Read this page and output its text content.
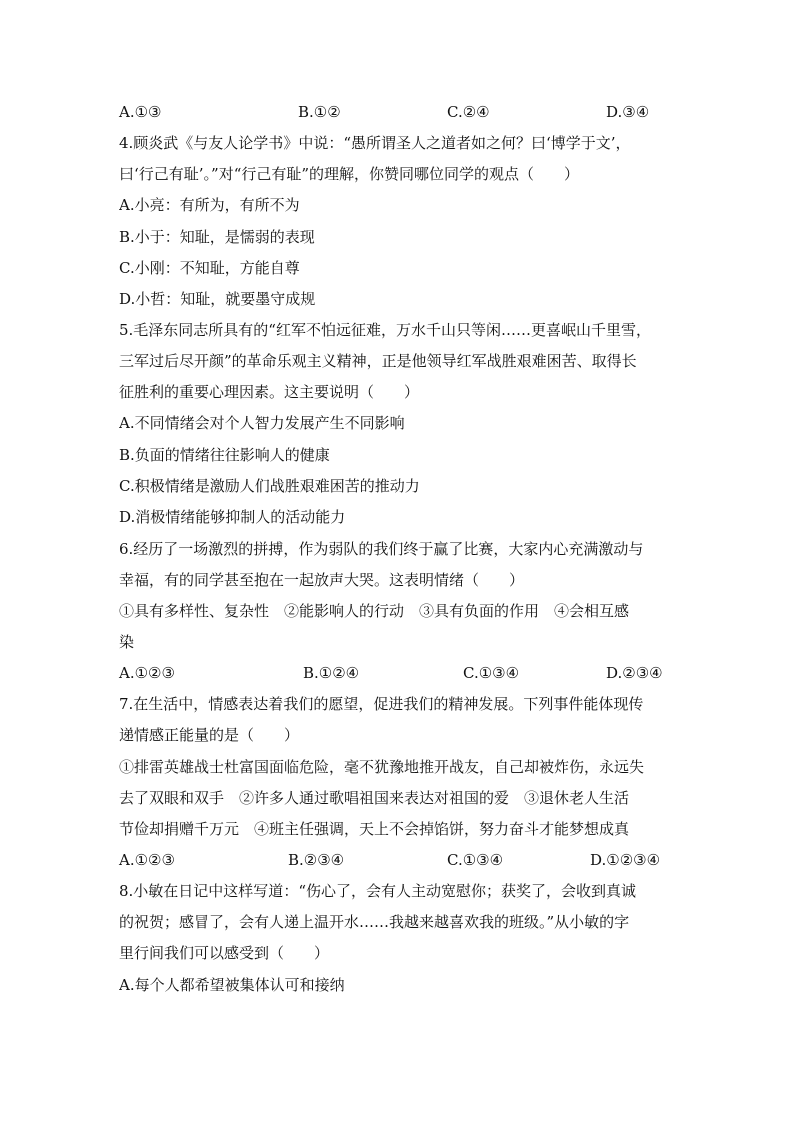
A.①③	B.①②	C.②④	D.③④
4.顾炎武《与友人论学书》中说：“愚所谓圣人之道者如之何？曰‘博学于文’，
曰‘行己有耻’。”对“行己有耻”的理解，你赞同哪位同学的观点（　　）
A.小亮：有所为，有所不为
B.小于：知耻，是懦弱的表现
C.小刚：不知耻，方能自尊
D.小哲：知耻，就要墨守成规
5.毛泽东同志所具有的“红军不怕远征难，万水千山只等闲……更喜岷山千里雪，
三军过后尽开颜”的革命乐观主义精神，正是他领导红军战胜艰难困苦、取得长
征胜利的重要心理因素。这主要说明（　　）
A.不同情绪会对个人智力发展产生不同影响
B.负面的情绪往往影响人的健康
C.积极情绪是激励人们战胜艰难困苦的推动力
D.消极情绪能够抑制人的活动能力
6.经历了一场激烈的拼搏，作为弱队的我们终于赢了比赛，大家内心充满激动与
幸福，有的同学甚至抱在一起放声大哭。这表明情绪（　　）
①具有多样性、复杂性　②能影响人的行动　③具有负面的作用　④会相互感
染
A.①②③	B.①②④	C.①③④	D.②③④
7.在生活中，情感表达着我们的愿望，促进我们的精神发展。下列事件能体现传
递情感正能量的是（　　）
①排雷英雄战士杜富国面临危险，毫不犹豫地推开战友，自己却被炸伤，永远失
去了双眼和双手　②许多人通过歌唱祖国来表达对祖国的爱　③退休老人生活
节俭却捐赠千万元　④班主任强调，天上不会掉馅饼，努力奋斗才能梦想成真
A.①②③	B.②③④	C.①③④	D.①②③④
8.小敏在日记中这样写道：“伤心了，会有人主动宽慰你；获奖了，会收到真诚
的祝贺；感冒了，会有人递上温开水……我越来越喜欢我的班级。”从小敏的字
里行间我们可以感受到（　　）
A.每个人都希望被集体认可和接纳
